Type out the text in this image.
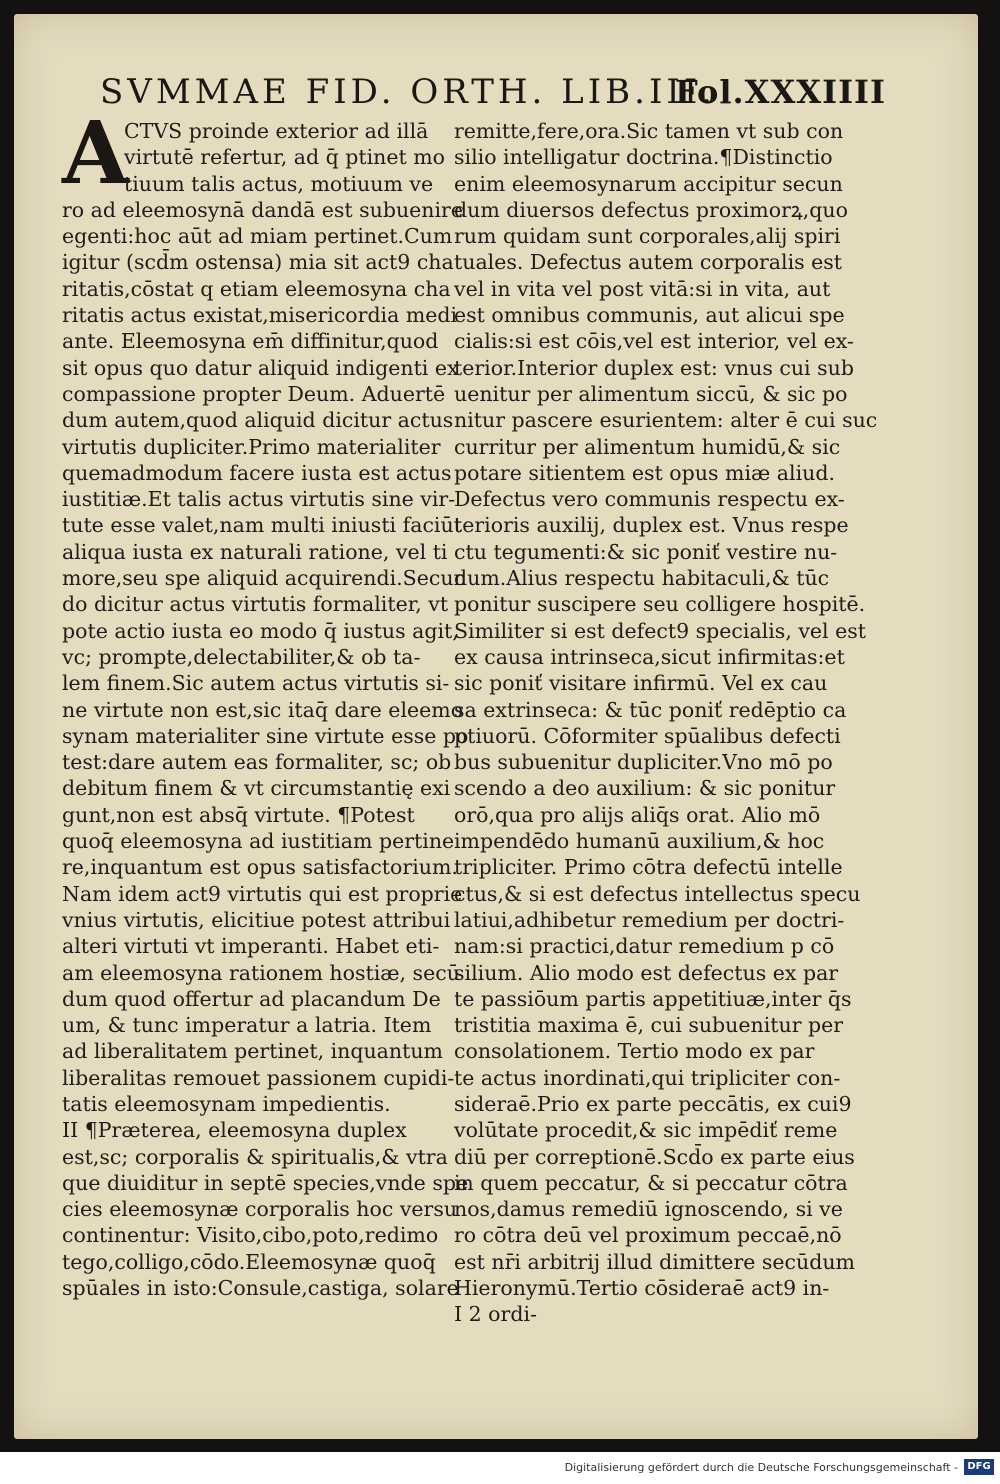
SVMMAE FID. ORTH. LIB.III.
Fol.XXXIIII
A
CTVS proinde exterior ad illā
virtutē refertur, ad q̄ ptinet mo
tiuum talis actus, motiuum ve
ro ad eleemosynā dandā est subuenire
egenti:hoc aūt ad miam pertinet.Cum
igitur (scd̄m ostensa) mia sit act9 cha
ritatis,cōstat q etiam eleemosyna cha
ritatis actus existat,misericordia medi
ante. Eleemosyna em̄ diffinitur,quod
sit opus quo datur aliquid indigenti ex
compassione propter Deum. Aduertē
dum autem,quod aliquid dicitur actus
virtutis dupliciter.Primo materialiter
quemadmodum facere iusta est actus
iustitiæ.Et talis actus virtutis sine vir-
tute esse valet,nam multi iniusti faciūt
aliqua iusta ex naturali ratione, vel ti
more,seu spe aliquid acquirendi.Secun
do dicitur actus virtutis formaliter, vt
pote actio iusta eo modo q̄ iustus agit,
vc; prompte,delectabiliter,& ob ta-
lem finem.Sic autem actus virtutis si-
ne virtute non est,sic itaq̄ dare eleemo
synam materialiter sine virtute esse po
test:dare autem eas formaliter, sc; ob
debitum finem & vt circumstantię exi
gunt,non est absq̄ virtute. ¶Potest
quoq̄ eleemosyna ad iustitiam pertine
re,inquantum est opus satisfactorium.
Nam idem act9 virtutis qui est proprie
vnius virtutis, elicitiue potest attribui
alteri virtuti vt imperanti. Habet eti-
am eleemosyna rationem hostiæ, secū
dum quod offertur ad placandum De
um, & tunc imperatur a latria. Item
ad liberalitatem pertinet, inquantum
liberalitas remouet passionem cupidi-
tatis eleemosynam impedientis.
II ¶Præterea, eleemosyna duplex
est,sc; corporalis & spiritualis,& vtra
que diuiditur in septē species,vnde spe
cies eleemosynæ corporalis hoc versu
continentur: Visito,cibo,poto,redimo
tego,colligo,cōdo.Eleemosynæ quoq̄
spūales in isto:Consule,castiga, solare
remitte,fere,ora.Sic tamen vt sub con
silio intelligatur doctrina.¶Distinctio
enim eleemosynarum accipitur secun
dum diuersos defectus proximorꝝ,quo
rum quidam sunt corporales,alij spiri
tuales. Defectus autem corporalis est
vel in vita vel post vitā:si in vita, aut
est omnibus communis, aut alicui spe
cialis:si est cōis,vel est interior, vel ex-
terior.Interior duplex est: vnus cui sub
uenitur per alimentum siccū, & sic po
nitur pascere esurientem: alter ē cui suc
curritur per alimentum humidū,& sic
potare sitientem est opus miæ aliud.
Defectus vero communis respectu ex-
terioris auxilij, duplex est. Vnus respe
ctu tegumenti:& sic poniť vestire nu-
dum.Alius respectu habitaculi,& tūc
ponitur suscipere seu colligere hospitē.
Similiter si est defect9 specialis, vel est
ex causa intrinseca,sicut infirmitas:et
sic poniť visitare infirmū. Vel ex cau
sa extrinseca: & tūc poniť redēptio ca
ptiuorū. Cōformiter spūalibus defecti
bus subuenitur dupliciter.Vno mō po
scendo a deo auxilium: & sic ponitur
orō,qua pro alijs aliq̄s orat. Alio mō
impendēdo humanū auxilium,& hoc
tripliciter. Primo cōtra defectū intelle
ctus,& si est defectus intellectus specu
latiui,adhibetur remedium per doctri-
nam:si practici,datur remedium p cō
silium. Alio modo est defectus ex par
te passiōum partis appetitiuæ,inter q̄s
tristitia maxima ē, cui subuenitur per
consolationem. Tertio modo ex par
te actus inordinati,qui tripliciter con-
sideraē.Prio ex parte peccātis, ex cui9
volūtate procedit,& sic impēdiť reme
diū per correptionē.Scd̄o ex parte eius
in quem peccatur, & si peccatur cōtra
nos,damus remediū ignoscendo, si ve
ro cōtra deū vel proximum peccaē,nō
est nr̄i arbitrij illud dimittere secūdum
Hieronymū.Tertio cōsideraē act9 in-
I 2 ordi-
Digitalisierung gefördert durch die Deutsche Forschungsgemeinschaft - DFG
